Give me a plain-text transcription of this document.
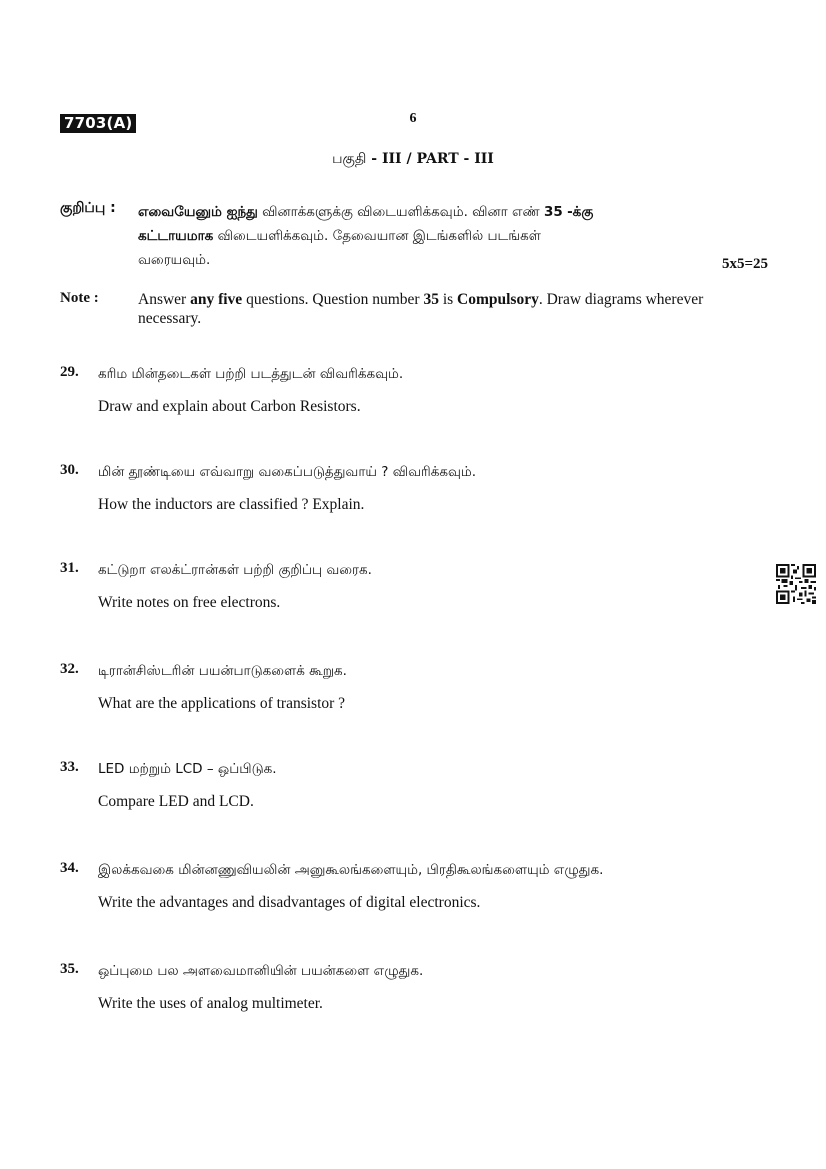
7703(A)	6
பகுதி - III / PART - III
குறிப்பு : எவையேனும் ஐந்து வினாக்களுக்கு விடையளிக்கவும். வினா எண் 35 -க்கு
கட்டாயமாக விடையளிக்கவும். தேவையான இடங்களில் படங்கள்
வரையவும்.	5x5=25
Note :	Answer any five questions. Question number 35 is Compulsory. Draw diagrams wherever necessary.
29. கரிம மின்தடைகள் பற்றி படத்துடன் விவரிக்கவும்.
Draw and explain about Carbon Resistors.
30. மின் தூண்டியை எவ்வாறு வகைப்படுத்துவாய் ? விவரிக்கவும்.
How the inductors are classified ? Explain.
31. கட்டுறா எலக்ட்ரான்கள் பற்றி குறிப்பு வரைக.
Write notes on free electrons.
32. டிரான்சிஸ்டரின் பயன்பாடுகளைக் கூறுக.
What are the applications of transistor ?
33. LED மற்றும் LCD – ஒப்பிடுக.
Compare LED and LCD.
34. இலக்கவகை மின்னணுவியலின் அனுகூலங்களையும், பிரதிகூலங்களையும் எழுதுக.
Write the advantages and disadvantages of digital electronics.
35. ஒப்புமை பல அளவைமானியின் பயன்களை எழுதுக.
Write the uses of analog multimeter.
